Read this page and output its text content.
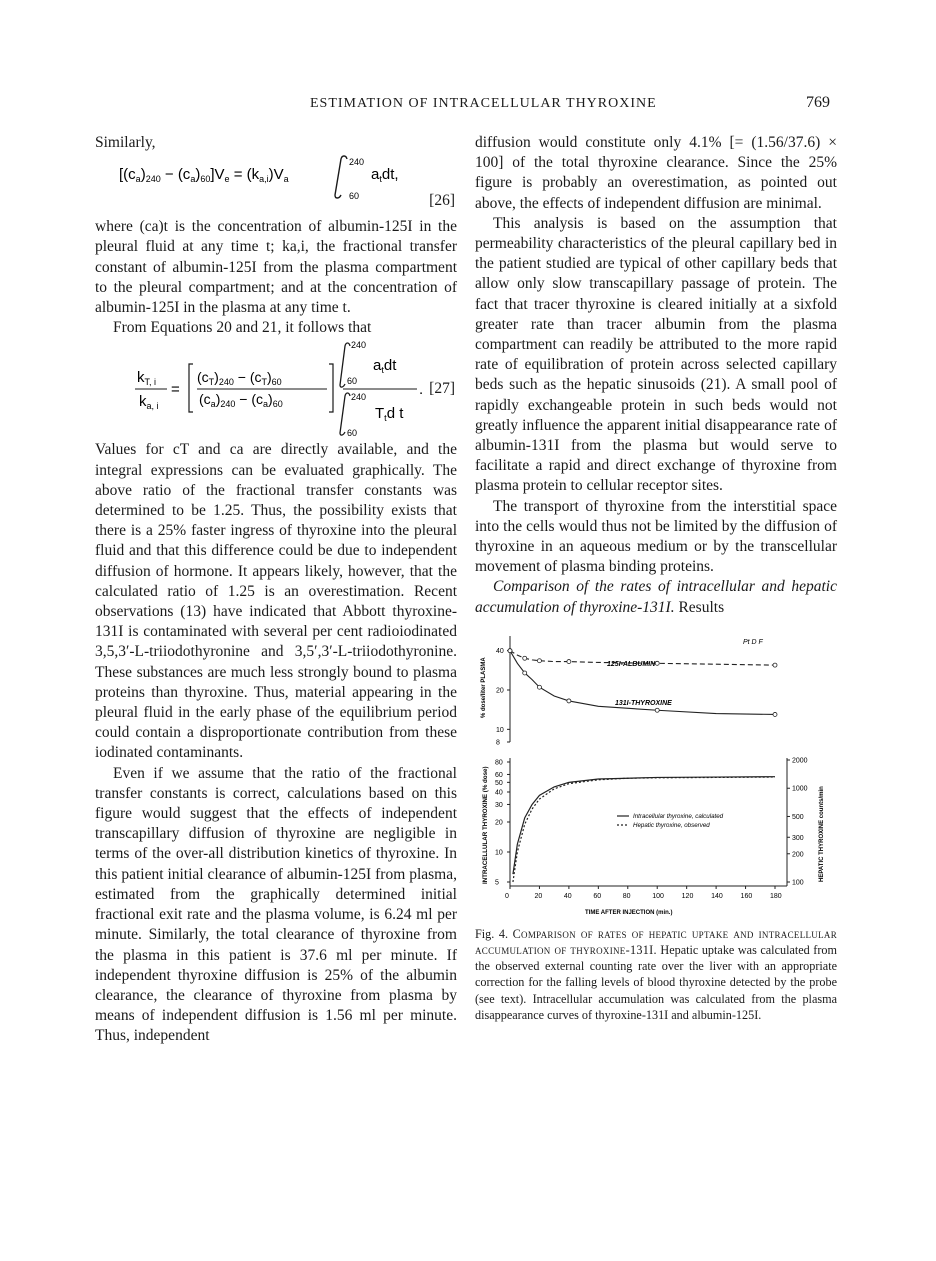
ESTIMATION OF INTRACELLULAR THYROXINE	769

Similarly,

$[(c_a)_{240} - (c_a)_{60}]V_e = (k_{a,i})V_a$
240
60
$a_tdt$,
[26]

where (ca)t is the concentration of albumin-125I in the pleural fluid at any time t; ka,i, the fractional transfer constant of albumin-125I from the plasma compartment to the pleural compartment; and at the concentration of albumin-125I in the plasma at any time t.

From Equations 20 and 21, it follows that

$k_{T, i}$
$k_{a, i}$
=
$(c_T)_{240} - (c_T)_{60}$
$(c_a)_{240} - (c_a)_{60}$
240
60
$a_tdt$
240
60
$T_td$ t
. [27]

Values for cT and ca are directly available, and the integral expressions can be evaluated graphically. The above ratio of the fractional transfer constants was determined to be 1.25. Thus, the possibility exists that there is a 25% faster ingress of thyroxine into the pleural fluid and that this difference could be due to independent diffusion of hormone. It appears likely, however, that the calculated ratio of 1.25 is an overestimation. Recent observations (13) have indicated that Abbott thyroxine-131I is contaminated with several per cent radioiodinated 3,5,3′-L-triiodothyronine and 3,5′,3′-L-triiodothyronine. These substances are much less strongly bound to plasma proteins than thyroxine. Thus, material appearing in the pleural fluid in the early phase of the equilibrium period could contain a disproportionate contribution from these iodinated contaminants.

Even if we assume that the ratio of the fractional transfer constants is correct, calculations based on this figure would suggest that the effects of independent transcapillary diffusion of thyroxine are negligible in terms of the over-all distribution kinetics of thyroxine. In this patient initial clearance of albumin-125I from plasma, estimated from the graphically determined initial fractional exit rate and the plasma volume, is 6.24 ml per minute. Similarly, the total clearance of thyroxine from the plasma in this patient is 37.6 ml per minute. If independent thyroxine diffusion is 25% of the albumin clearance, the clearance of thyroxine from plasma by means of independent diffusion is 1.56 ml per minute. Thus, independent

diffusion would constitute only 4.1% [= (1.56/37.6) × 100] of the total thyroxine clearance. Since the 25% figure is probably an overestimation, as pointed out above, the effects of independent diffusion are minimal.

This analysis is based on the assumption that permeability characteristics of the pleural capillary bed in the patient studied are typical of other capillary beds that allow only slow transcapillary passage of protein. The fact that tracer thyroxine is cleared initially at a sixfold greater rate than tracer albumin from the plasma compartment can readily be attributed to the more rapid rate of equilibration of protein across selected capillary beds such as the hepatic sinusoids (21). A small pool of rapidly exchangeable protein in such beds would not greatly influence the apparent initial disappearance rate of albumin-131I from the plasma but would serve to facilitate a rapid and direct exchange of thyroxine from plasma protein to cellular receptor sites.

The transport of thyroxine from the interstitial space into the cells would thus not be limited by the diffusion of thyroxine in an aqueous medium or by the transcellular movement of plasma binding proteins.

Comparison of the rates of intracellular and hepatic accumulation of thyroxine-131I. Results

Pt D F
% dose/liter PLASMA
40
20
10
8
125I-ALBUMIN
131I-THYROXINE
INTRACELLULAR THYROXINE (% dose)	HEPATIC THYROXINE counts/min
80
60
50
40
30
20
10
5
2000
1000
500
300
200
100
0	20	40	60	80	100	120	140	160	180
Intracellular thyroxine, calculated
Hepatic thyroxine, observed
TIME AFTER INJECTION (min.)
Fig. 4. Comparison of rates of hepatic uptake and intracellular accumulation of thyroxine-131I. Hepatic uptake was calculated from the observed external counting rate over the liver with an appropriate correction for the falling levels of blood thyroxine detected by the probe (see text). Intracellular accumulation was calculated from the plasma disappearance curves of thyroxine-131I and albumin-125I.
